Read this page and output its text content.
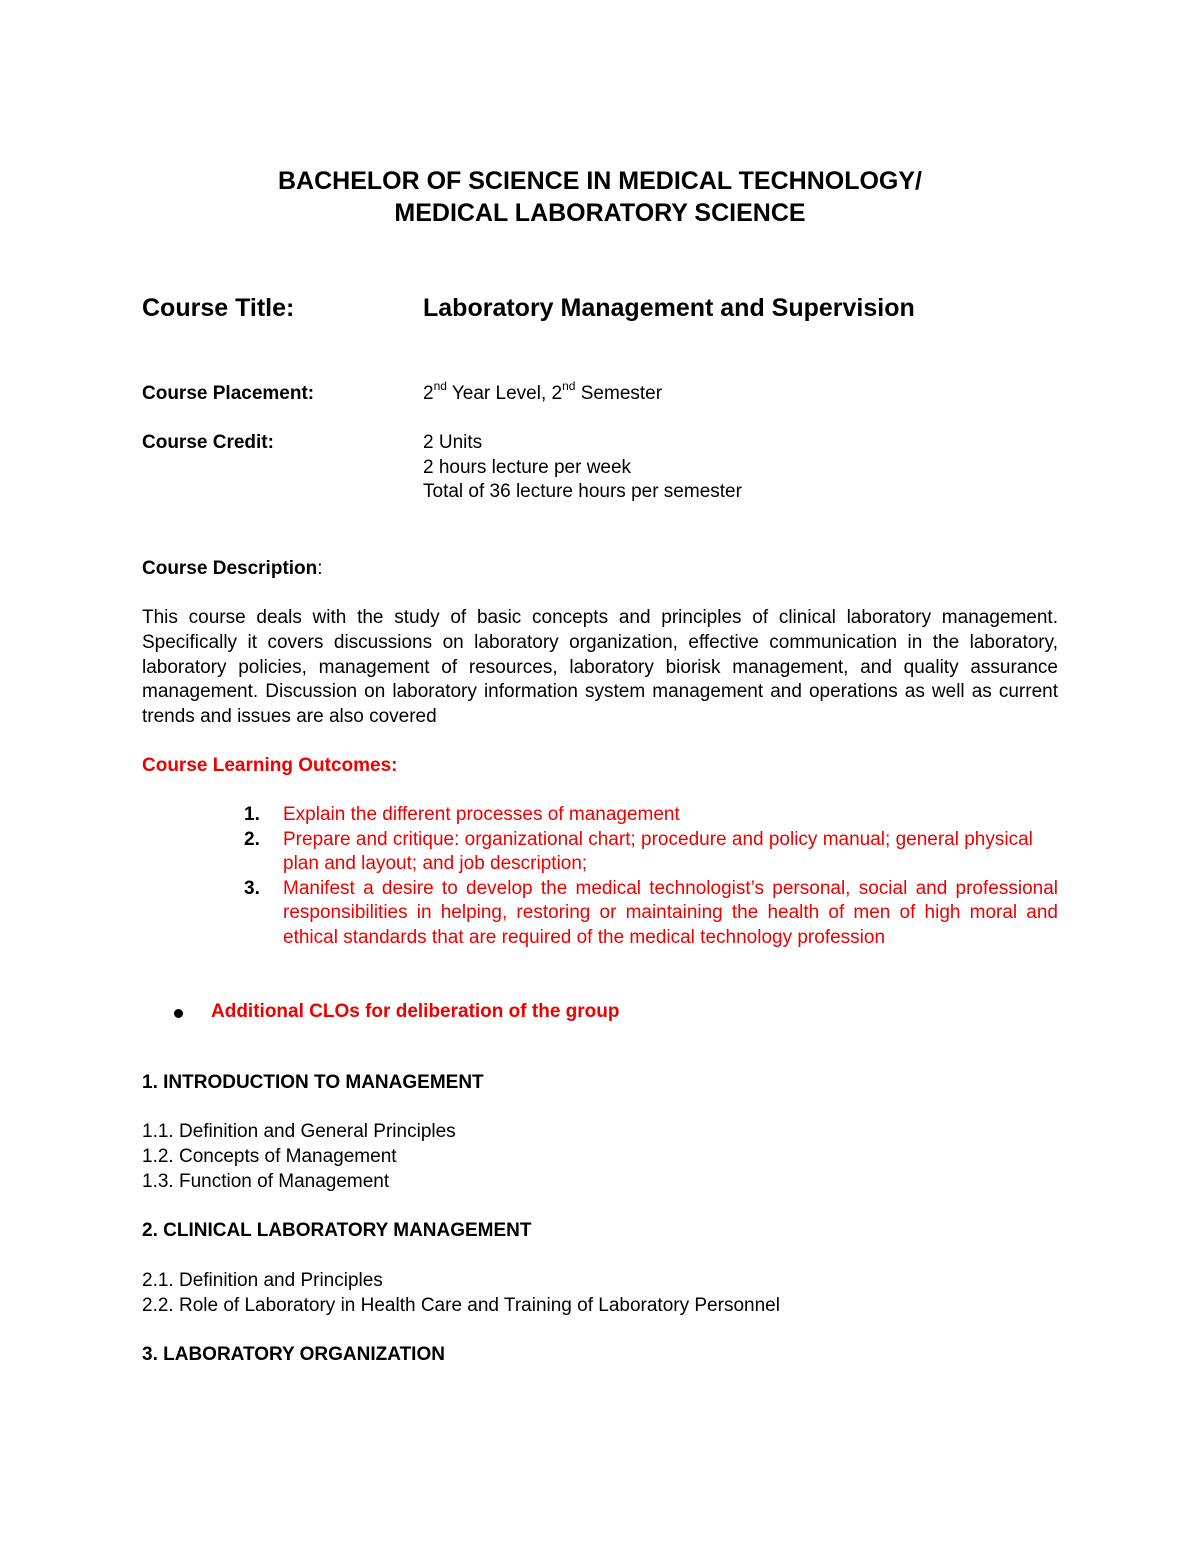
BACHELOR OF SCIENCE IN MEDICAL TECHNOLOGY/
MEDICAL LABORATORY SCIENCE
Course Title:	Laboratory Management and Supervision
Course Placement:	2nd Year Level, 2nd Semester
Course Credit:	2 Units
2 hours lecture per week
Total of 36 lecture hours per semester
Course Description:
This course deals with the study of basic concepts and principles of clinical laboratory management. Specifically it covers discussions on laboratory organization, effective communication in the laboratory, laboratory policies, management of resources, laboratory biorisk management, and quality assurance management. Discussion on laboratory information system management and operations as well as current trends and issues are also covered
Course Learning Outcomes:
1. Explain the different processes of management
2. Prepare and critique: organizational chart; procedure and policy manual; general physical plan and layout; and job description;
3. Manifest a desire to develop the medical technologist’s personal, social and professional responsibilities in helping, restoring or maintaining the health of men of high moral and ethical standards that are required of the medical technology profession
Additional CLOs for deliberation of the group
1. INTRODUCTION TO MANAGEMENT
1.1. Definition and General Principles
1.2. Concepts of Management
1.3. Function of Management
2. CLINICAL LABORATORY MANAGEMENT
2.1. Definition and Principles
2.2. Role of Laboratory in Health Care and Training of Laboratory Personnel
3. LABORATORY ORGANIZATION
